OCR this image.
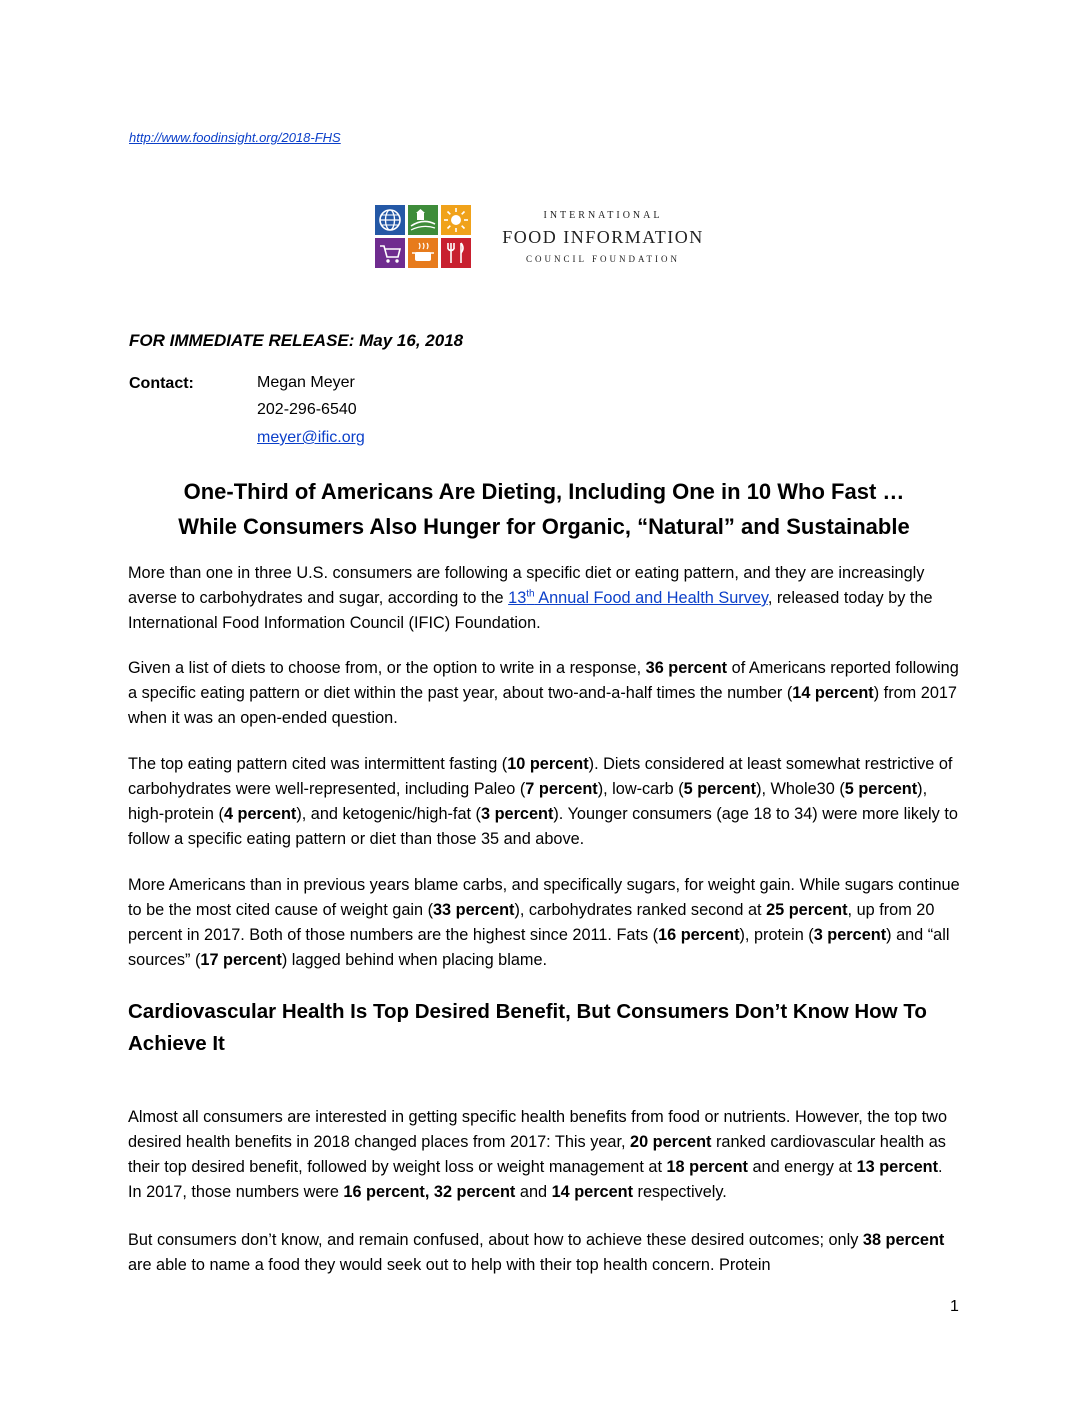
http://www.foodinsight.org/2018-FHS
INTERNATIONAL
FOOD INFORMATION
COUNCIL FOUNDATION
FOR IMMEDIATE RELEASE: May 16, 2018
Contact:	Megan Meyer
202-296-6540
meyer@ific.org
One-Third of Americans Are Dieting, Including One in 10 Who Fast …
While Consumers Also Hunger for Organic, “Natural” and Sustainable

More than one in three U.S. consumers are following a specific diet or eating pattern, and they are increasingly averse to carbohydrates and sugar, according to the 13th Annual Food and Health Survey, released today by the International Food Information Council (IFIC) Foundation.

Given a list of diets to choose from, or the option to write in a response, 36 percent of Americans reported following a specific eating pattern or diet within the past year, about two-and-a-half times the number (14 percent) from 2017 when it was an open-ended question.

The top eating pattern cited was intermittent fasting (10 percent). Diets considered at least somewhat restrictive of carbohydrates were well-represented, including Paleo (7 percent), low-carb (5 percent), Whole30 (5 percent), high-protein (4 percent), and ketogenic/high-fat (3 percent). Younger consumers (age 18 to 34) were more likely to follow a specific eating pattern or diet than those 35 and above.

More Americans than in previous years blame carbs, and specifically sugars, for weight gain. While sugars continue to be the most cited cause of weight gain (33 percent), carbohydrates ranked second at 25 percent, up from 20 percent in 2017. Both of those numbers are the highest since 2011. Fats (16 percent), protein (3 percent) and “all sources” (17 percent) lagged behind when placing blame.

Cardiovascular Health Is Top Desired Benefit, But Consumers Don’t Know How To Achieve It

Almost all consumers are interested in getting specific health benefits from food or nutrients. However, the top two desired health benefits in 2018 changed places from 2017: This year, 20 percent ranked cardiovascular health as their top desired benefit, followed by weight loss or weight management at 18 percent and energy at 13 percent. In 2017, those numbers were 16 percent, 32 percent and 14 percent respectively.

But consumers don’t know, and remain confused, about how to achieve these desired outcomes; only 38 percent are able to name a food they would seek out to help with their top health concern. Protein

1
